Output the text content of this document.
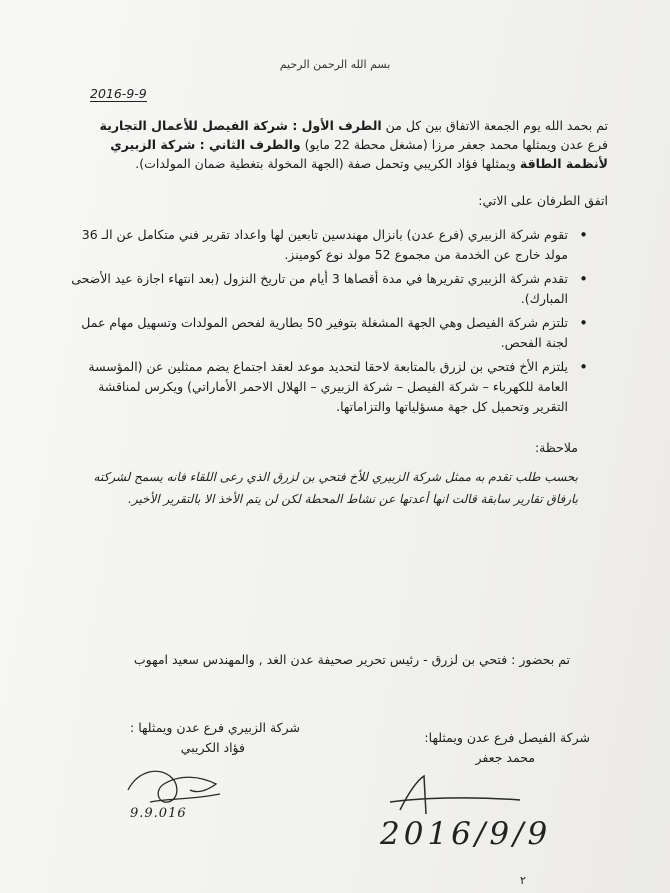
بسم الله الرحمن الرحيم
2016-9-9
تم بحمد الله يوم الجمعة الاتفاق بين كل من الطرف الأول : شركة الفيصل للأعمال التجارية فرع عدن ويمثلها محمد جعفر مرزا (مشغل محطة 22 مايو) والطرف الثاني : شركة الزبيري لأنظمة الطاقة ويمثلها فؤاد الكريبي وتحمل صفة (الجهة المخولة بتغطية ضمان المولدات).
اتفق الطرفان على الاتي:
• تقوم شركة الزبيري (فرع عدن) بانزال مهندسين تابعين لها واعداد تقرير فني متكامل عن الـ 36 مولد خارج عن الخدمة من مجموع 52 مولد نوع كومينز.
• تقدم شركة الزبيري تقريرها في مدة أقصاها 3 أيام من تاريخ النزول (بعد انتهاء اجازة عيد الأضحى المبارك).
• تلتزم شركة الفيصل وهي الجهة المشغلة بتوفير 50 بطارية لفحص المولدات وتسهيل مهام عمل لجنة الفحص.
• يلتزم الأخ فتحي بن لزرق بالمتابعة لاحقا لتحديد موعد لعقد اجتماع يضم ممثلين عن (المؤسسة العامة للكهرباء – شركة الفيصل – شركة الزبيري – الهلال الاحمر الأماراتي) ويكرس لمناقشة التقرير وتحميل كل جهة مسؤلياتها والتزاماتها.
ملاحظة:
بحسب طلب تقدم به ممثل شركة الزبيري للأخ فتحي بن لزرق الذي رعى اللقاء فانه يسمح لشركته بارفاق تقارير سابقة قالت انها أعدتها عن نشاط المحطة لكن لن يتم الأخذ الا بالتقرير الأخير.
تم بحضور : فتحي بن لزرق - رئيس تحرير صحيفة عدن الغد , والمهندس سعيد امهوب
شركة الفيصل فرع عدن ويمثلها:
محمد جعفر
شركة الزبيري فرع عدن ويمثلها :
فؤاد الكريبي
9.9.016
2016/9/9
٢
